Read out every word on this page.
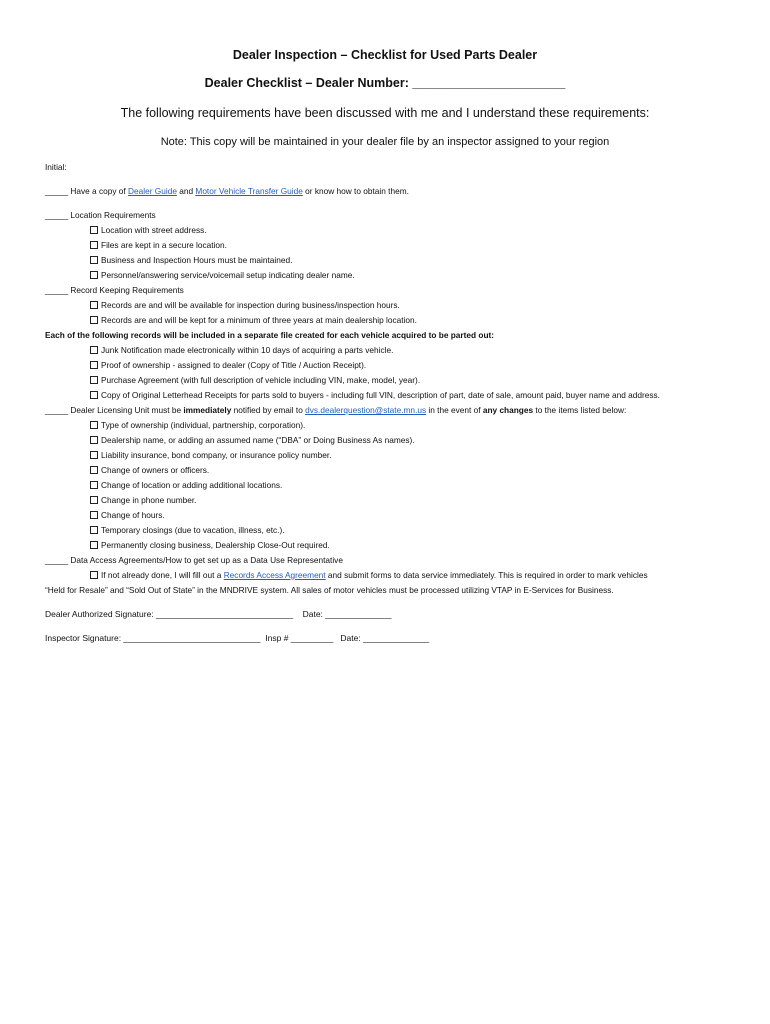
Dealer Inspection – Checklist for Used Parts Dealer
Dealer Checklist – Dealer Number: ______________________
The following requirements have been discussed with me and I understand these requirements:
Note: This copy will be maintained in your dealer file by an inspector assigned to your region
Initial:
_____ Have a copy of Dealer Guide and Motor Vehicle Transfer Guide or know how to obtain them.
_____ Location Requirements
Location with street address.
Files are kept in a secure location.
Business and Inspection Hours must be maintained.
Personnel/answering service/voicemail setup indicating dealer name.
_____ Record Keeping Requirements
Records are and will be available for inspection during business/inspection hours.
Records are and will be kept for a minimum of three years at main dealership location.
Each of the following records will be included in a separate file created for each vehicle acquired to be parted out:
Junk Notification made electronically within 10 days of acquiring a parts vehicle.
Proof of ownership - assigned to dealer (Copy of Title / Auction Receipt).
Purchase Agreement (with full description of vehicle including VIN, make, model, year).
Copy of Original Letterhead Receipts for parts sold to buyers - including full VIN, description of part, date of sale, amount paid, buyer name and address.
_____ Dealer Licensing Unit must be immediately notified by email to dvs.dealerquestion@state.mn.us in the event of any changes to the items listed below:
Type of ownership (individual, partnership, corporation).
Dealership name, or adding an assumed name (“DBA” or Doing Business As names).
Liability insurance, bond company, or insurance policy number.
Change of owners or officers.
Change of location or adding additional locations.
Change in phone number.
Change of hours.
Temporary closings (due to vacation, illness, etc.).
Permanently closing business, Dealership Close-Out required.
_____ Data Access Agreements/How to get set up as a Data Use Representative
If not already done, I will fill out a Records Access Agreement and submit forms to data service immediately. This is required in order to mark vehicles
“Held for Resale” and “Sold Out of State” in the MNDRIVE system. All sales of motor vehicles must be processed utilizing VTAP in E-Services for Business.
Dealer Authorized Signature: _____________________________ Date: ______________
Inspector Signature: _____________________________ Insp # _________ Date: ______________
